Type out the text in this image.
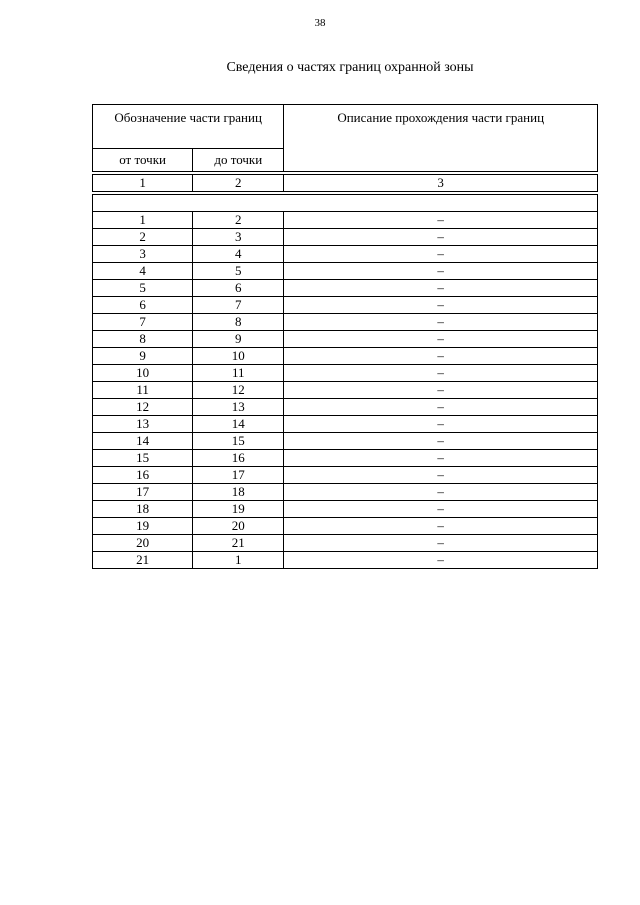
38
Сведения о частях границ охранной зоны
Обозначение части границ		Описание прохождения части границ
от точки	до точки	

1	2	3

1	2	–
2	3	–
3	4	–
4	5	–
5	6	–
6	7	–
7	8	–
8	9	–
9	10	–
10	11	–
11	12	–
12	13	–
13	14	–
14	15	–
15	16	–
16	17	–
17	18	–
18	19	–
19	20	–
20	21	–
21	1	–
